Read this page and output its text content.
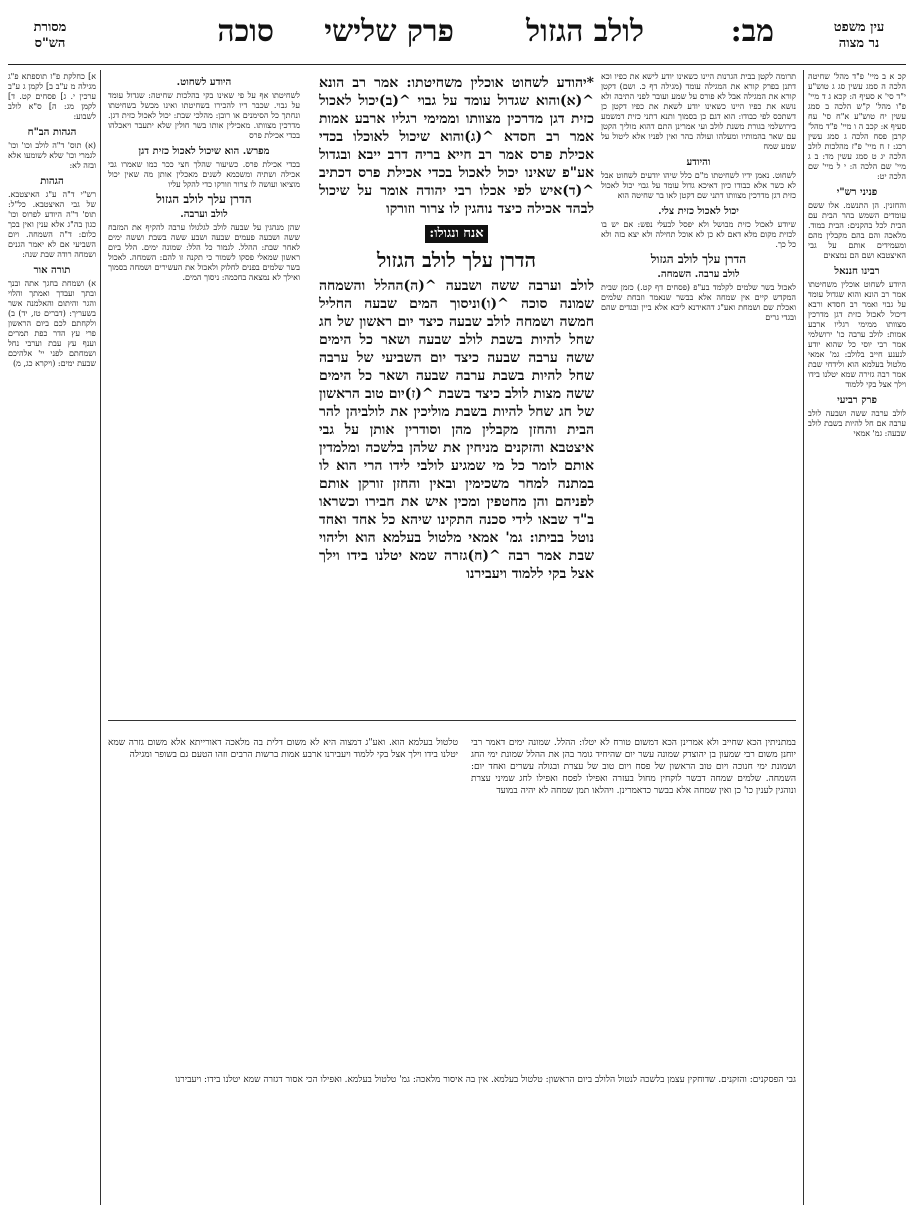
עין משפט
נר מצוה
מב:
לולב הגזול
פרק שלישי
סוכה
מסורת
הש"ס

קכ א ב מיי' פ"ד מהל' שחיטה הלכה ה סמג עשין סג ג טוש"ע י"ד סי' א סעיף ה: קכא ג ד מיי' פ"ו מהל' ק"ש הלכה ב סמג עשין יח טוש"ע א"ח סי' עח סעיף א: קכב ה ו מיי' פ"ד מהל' קרבן פסח הלכה ג סמג עשין רכג: ז ח מיי' פ"ז מהלכות לולב הלכה יג ט סמג עשין מד: ב ג מיי' שם הלכה ה: י ל מיי' שם הלכה יט:

פניני רש"י

והחזנין. הן התנשמ. אלו ששם עומדים השמש בהר הבית עם הבית לכל בהקנים: הבית במוד. מלאכה והם בהם מקבלין מהם ומעמידים אותם על גבי האיצטבא ושם הם נמצאים

רבינו חננאל

היודע לשחוט אוכלין משחיטתו אמר רב הונא והוא שגדול עומד על גבוי ואמר רב חסדא ורבא דיכול לאכול כזית דגן מדרכין מצוותו ממימי רגליו ארבע אמות: לולב ערבה כו' ירושלמי אמר רבי יוסי כל שהוא יודע לנענע חייב בלולב: גמ' אמאי מלטול בעלמא הוא ולידחי שבת אמר רבה גזירה שמא יטלנו בידו וילך אצל בקי ללמוד

פרק רביעי

לולב ערבה ששה ושבעה לולב ערבה אם חל להיות בשבת לולב שבעה: גמ' אמאי

א] כחלקת פ"ז תוספתא פ"ג מגילה מ ע"ב ב] לקמן ג ע"ב ערכין י. ג] פסחים קט. ד] לקמן מג: ה] ס"א לולב לשבוע:

הגהות הב"ח

(א) תוס' ד"ה לולב וכו' וכו' לגמרי וכו' שלא לשומעו אלא ובזה לא:

הגהות

רש"י ד"ה ע"ג האיצטבא. של גבי האיצטבא. כל"ל: תוס' ד"ה היודע לפרוס וכו' כגון בה"ג אלא ענין ואין בכך כלום: ד"ה השמחה. ויום השביעי אם לא יאמר הגנים ושמחה רודה שבת שנה:

תורה אור

א) ושמחת בחגך אתה ובנך ובתך ועבדך ואמתך והלוי והגר והיתום והאלמנה אשר בשעריך: (דברים טז, יד) ב) ולקחתם לכם ביום הראשון פרי עץ הדר כפת תמרים וענף עץ עבת וערבי נחל ושמחתם לפני יי' אלהיכם שבעת ימים: (ויקרא כג, מ)

תרומה לקטן בבית הגרנות היינו כשאינו יודע לישא את כפיו וכא דתנן בפרק קורא את המגילה עומד (מגילה דף כ. ושם) דקטן קורא את המגילה אבל לא פורס על שמע ועובר לפני התיבה ולא נושא את כפיו היינו כשאינו יודע לשאת את כפיו דקטן כן דשתכס לפי כבודו: הוא דגם כן בסמוך ותנא דתני כזית דמשמע בירושלמי בגורת משנת לולב ועי אמרינן התם דהוא מוליך הקטן עם שאר בהמותיו ומעלהו ועולה בהר ואין לפניו אלא ליטול על שמע שמח

והיודע

לשחוט. נאמן ידיו לשחיטתו מ"ם כלל שיהו יודעים לשחוט אבל לא כשר אלא כבודו כיון דאיכא גדול עומד על גבוי יכול לאכול כזית דגן מדרכין מצוותו דתני שם דקטן לאו בר שחיטה הוא

יכול לאכול כזית צלי.

שיודע לאכול כזית מבושל ולא יפסל לבעלי נפש: אם יש בו לכזית מקום מלא דאם לא כן לא אוכל תחילה ולא יצא בזה ולא כל כך.

הדרן עלך לולב הגזול
לולב ערבה. השמחה.

לאכול בשר שלמים לקלמד בע"פ (פסחים דף קט.) כזמן שבית המקדש קיים אין שמחה אלא בבשר שנאמר וזבחת שלמים ואכלת שם ושמחת ואע"ג דהאידנא ליכא אלא ביין ובגדים שהם ובגדי גרים

*יהודע לשחוט אוכלין משחיטתו: אמר רב הונא ^(א)והוא שגדול עומד על גבוי ^(ב)יכול לאכול כזית דגן מדרכין מצוותו וממימי רגליו ארבע אמות אמר רב חסדא ^(ג)והוא שיכול לאוכלו בכדי אכילת פרס אמר רב חייא בריה דרב ייבא ובגדול אע"פ שאינו יכול לאכול בכדי אכילת פרס דכתיב ^(ד)איש לפי אכלו רבי יהודה אומר על שיכול לבהד אכילה כיצד נוהגין לו צרור וזורקו

אנח ונגולו:
הדרן עלך לולב הגזול

לולב וערבה ששה ושבעה ^(ה)ההלל והשמחה שמונה סוכה ^(ו)וניסוך המים שבעה החליל חמשה ושמחה לולב שבעה כיצד יום ראשון של חג שחל להיות בשבת לולב שבעה ושאר כל הימים ששה ערבה שבעה כיצד יום השביעי של ערבה שחל להיות בשבת ערבה שבעה ושאר כל הימים ששה מצות לולב כיצד בשבת ^(ז)יום טוב הראשון של חג שחל להיות בשבת מוליכין את לולביהן להר הבית והחזן מקבלין מהן וסודרין אותן על גבי איצטבא והזקנים מניחין את שלהן בלשכה ומלמדין אותם לומר כל מי שמגיע לולבי לידו הרי הוא לו במתנה למחר משכימין ובאין והחזן זורקן אותם לפניהם והן מחטפין ומכין איש את חבירו וכשראו ב"ד שבאו לידי סכנה התקינו שיהא כל אחד ואחד נוטל בביתו: גמ' אמאי מלטול בעלמא הוא וליהוי שבת אמר רבה ^(ח)גזרה שמא יטלנו בידו וילך אצל בקי ללמוד ויעבירנו

היודע לשחוט.

לשחיטתו אף על פי שאינו בקי בהלכות שחיטה: שגדול עומד על גבוי. שכבר דיו להכירו בשחיטתו ואינו מכשל בשחיטתו ונחתך כל הסימנים או רובן: מהלכי שבת: יכול לאכול כזית דגן. מדרכין מצוותו. מאכילין אותו בשר חולין שלא יתעבר ויאכלהו בכדי אכילת פרס

מפרש. הוא שיכול לאכול כזית דגן

בכדי אכילת פרס. כשיעור שהלך חצי ככר כמו שאמרו גבי אכילה ושתיה ומשכמא לשנים מאכלין אותן מה שאין יכול מוציאו ועושה לו צרור וזורקו כדי להקל עליו

הדרן עלך לולב הגזול
לולב וערבה.

שהן מנהגין על שבעה לולב לגלגולו ערבה להקיף את המזבח ששה ושבעה פעמים שבעה ושבע ששה בשבת וששה ימים לאחר שבת: ההלל. לגמור כל הלל: שמונה ימים. הלל ביום ראשון שמאלי פסקו לשמור כי תקנה זו להם: השמחה. לאכול בשר שלמים בפנים לחלוק ולאכול את העשירים ושמחה בסמוך ואילך לא נמצאה בחכמה: ניסוך המים.

במתניתין הכא שחייב ולא אמרינן הכא דמשום טורח לא יטלו: ההלל. שמונה ימים דאמר רבי יוחנן משום רבי שמעון בן יהוצדק שמונה עשר יום שהיחיד גומר בהן את ההלל שמונת ימי החג ושמונת ימי חנוכה ויום טוב הראשון של פסח ויום טוב של עצרת ובגולה עשרים ואחד יום: השמחה. שלמים שמחה דבשר לוקחין מחול בעזרה ואפילו לפסח ואפילו לחג שמיני עצרת ונוהגין לענין כו' כן ואין שמחה אלא בבשר כדאמרינן. ויהלאו תמן שמחה לא יהיה במועד

טלטול בעלמא הוא. ואע"ג דמצוה היא לא משום דלית בה מלאכה דאורייתא אלא משום גזרה שמא יטלנו בידו וילך אצל בקי ללמוד ויעבירנו ארבע אמות ברשות הרבים וזהו הטעם גם בשופר ומגילה

גבי הפסקנים: והזקנים. שדוחקין עצמן בלשכה לנטול הלולב ביום הראשון: טלטול בעלמא. אין בה איסור מלאכה: גמ' טלטול בעלמא. ואפילו הכי אסור דגזרה שמא יטלנו בידו: ויעבירנו
